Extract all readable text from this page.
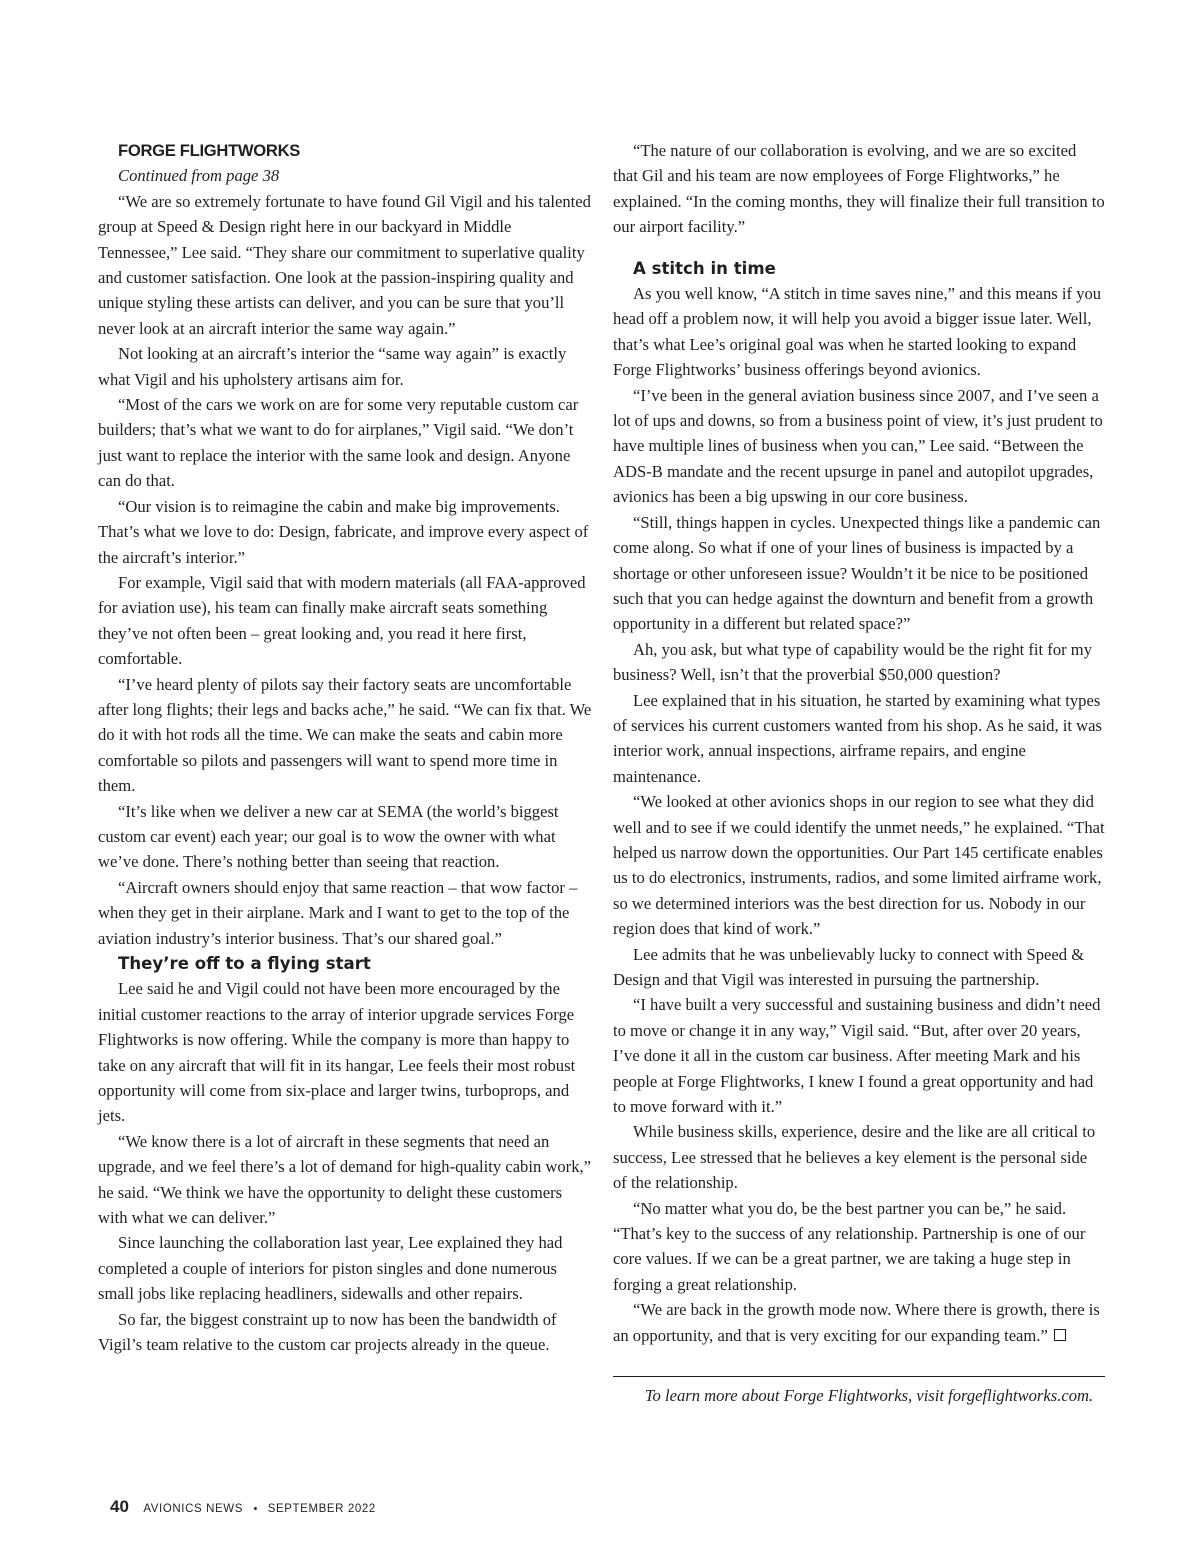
FORGE FLIGHTWORKS

Continued from page 38

“We are so extremely fortunate to have found Gil Vigil and his talented group at Speed & Design right here in our backyard in Middle Tennessee,” Lee said. “They share our commitment to superlative quality and customer satisfaction. One look at the passion-inspiring quality and unique styling these artists can deliver, and you can be sure that you’ll never look at an aircraft interior the same way again.”

Not looking at an aircraft’s interior the “same way again” is exactly what Vigil and his upholstery artisans aim for.

“Most of the cars we work on are for some very reputable custom car builders; that’s what we want to do for airplanes,” Vigil said. “We don’t just want to replace the interior with the same look and design. Anyone can do that.

“Our vision is to reimagine the cabin and make big improvements. That’s what we love to do: Design, fabricate, and improve every aspect of the aircraft’s interior.”

For example, Vigil said that with modern materials (all FAA-approved for aviation use), his team can finally make aircraft seats something they’ve not often been – great looking and, you read it here first, comfortable.

“I’ve heard plenty of pilots say their factory seats are uncomfortable after long flights; their legs and backs ache,” he said. “We can fix that. We do it with hot rods all the time. We can make the seats and cabin more comfortable so pilots and passengers will want to spend more time in them.

“It’s like when we deliver a new car at SEMA (the world’s biggest custom car event) each year; our goal is to wow the owner with what we’ve done. There’s nothing better than seeing that reaction.

“Aircraft owners should enjoy that same reaction – that wow factor – when they get in their airplane. Mark and I want to get to the top of the aviation industry’s interior business. That’s our shared goal.”

They’re off to a flying start

Lee said he and Vigil could not have been more encouraged by the initial customer reactions to the array of interior upgrade services Forge Flightworks is now offering. While the company is more than happy to take on any aircraft that will fit in its hangar, Lee feels their most robust opportunity will come from six-place and larger twins, turboprops, and jets.

“We know there is a lot of aircraft in these segments that need an upgrade, and we feel there’s a lot of demand for high-quality cabin work,” he said. “We think we have the opportunity to delight these customers with what we can deliver.”

Since launching the collaboration last year, Lee explained they had completed a couple of interiors for piston singles and done numerous small jobs like replacing headliners, sidewalls and other repairs.

So far, the biggest constraint up to now has been the bandwidth of Vigil’s team relative to the custom car projects already in the queue.

“The nature of our collaboration is evolving, and we are so excited that Gil and his team are now employees of Forge Flightworks,” he explained. “In the coming months, they will finalize their full transition to our airport facility.”

A stitch in time

As you well know, “A stitch in time saves nine,” and this means if you head off a problem now, it will help you avoid a bigger issue later. Well, that’s what Lee’s original goal was when he started looking to expand Forge Flightworks’ business offerings beyond avionics.

“I’ve been in the general aviation business since 2007, and I’ve seen a lot of ups and downs, so from a business point of view, it’s just prudent to have multiple lines of business when you can,” Lee said. “Between the ADS-B mandate and the recent upsurge in panel and autopilot upgrades, avionics has been a big upswing in our core business.

“Still, things happen in cycles. Unexpected things like a pandemic can come along. So what if one of your lines of business is impacted by a shortage or other unforeseen issue? Wouldn’t it be nice to be positioned such that you can hedge against the downturn and benefit from a growth opportunity in a different but related space?”

Ah, you ask, but what type of capability would be the right fit for my business? Well, isn’t that the proverbial $50,000 question?

Lee explained that in his situation, he started by examining what types of services his current customers wanted from his shop. As he said, it was interior work, annual inspections, airframe repairs, and engine maintenance.

“We looked at other avionics shops in our region to see what they did well and to see if we could identify the unmet needs,” he explained. “That helped us narrow down the opportunities. Our Part 145 certificate enables us to do electronics, instruments, radios, and some limited airframe work, so we determined interiors was the best direction for us. Nobody in our region does that kind of work.”

Lee admits that he was unbelievably lucky to connect with Speed & Design and that Vigil was interested in pursuing the partnership.

“I have built a very successful and sustaining business and didn’t need to move or change it in any way,” Vigil said. “But, after over 20 years, I’ve done it all in the custom car business. After meeting Mark and his people at Forge Flightworks, I knew I found a great opportunity and had to move forward with it.”

While business skills, experience, desire and the like are all critical to success, Lee stressed that he believes a key element is the personal side of the relationship.

“No matter what you do, be the best partner you can be,” he said. “That’s key to the success of any relationship. Partnership is one of our core values. If we can be a great partner, we are taking a huge step in forging a great relationship.

“We are back in the growth mode now. Where there is growth, there is an opportunity, and that is very exciting for our expanding team.”

To learn more about Forge Flightworks, visit forgeflightworks.com.

40 AVIONICS NEWS • SEPTEMBER 2022
